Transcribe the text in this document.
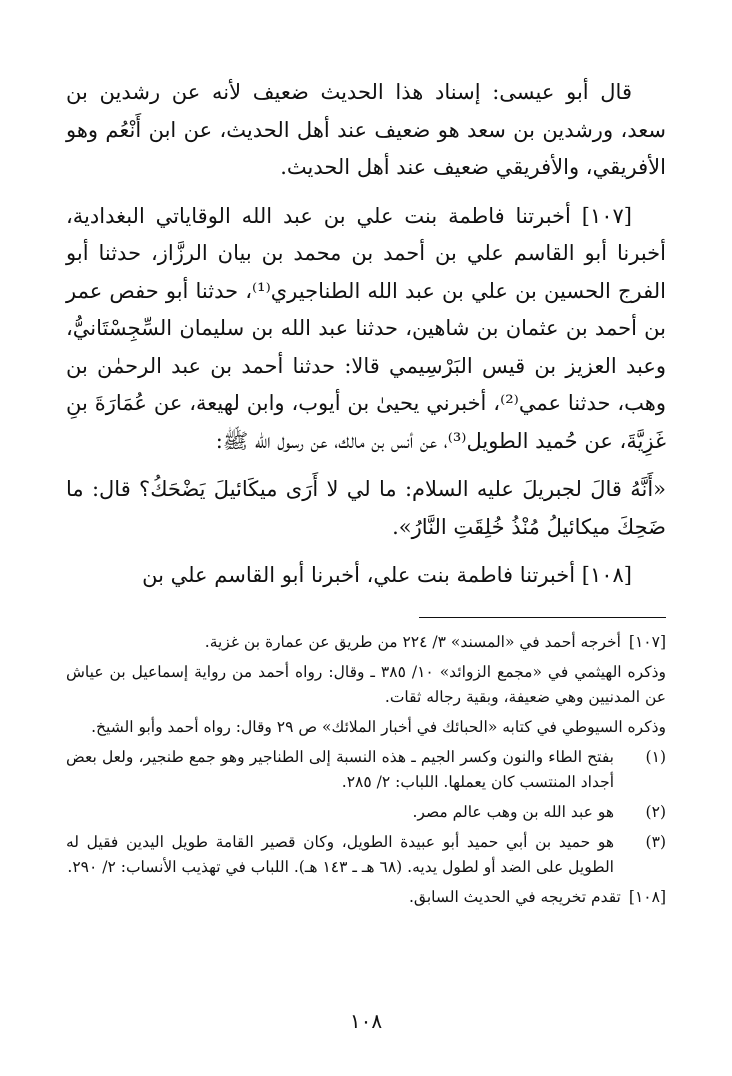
قال أبو عيسى: إسناد هذا الحديث ضعيف لأنه عن رشدين بن سعد، ورشدين بن سعد هو ضعيف عند أهل الحديث، عن ابن أَنْعُم وهو الأفريقي، والأفريقي ضعيف عند أهل الحديث.

[١٠٧] أخبرتنا فاطمة بنت علي بن عبد الله الوقاياتي البغدادية، أخبرنا أبو القاسم علي بن أحمد بن محمد بن بيان الرزَّاز، حدثنا أبو الفرج الحسين بن علي بن عبد الله الطناجيري⁽¹⁾، حدثنا أبو حفص عمر بن أحمد بن عثمان بن شاهين، حدثنا عبد الله بن سليمان السِّجِسْتَانيُّ، وعبد العزيز بن قيس البَرْسِيمي قالا: حدثنا أحمد بن عبد الرحمٰن بن وهب، حدثنا عمي⁽²⁾، أخبرني يحيىٰ بن أيوب، وابن لهيعة، عن عُمَارَةَ بنِ غَزِيَّةَ، عن حُميد الطويل⁽³⁾، عن أنس بن مالك، عن رسول الله ﷺ:

«أَنَّهُ قالَ لجبريلَ عليه السلام: ما لي لا أَرَى ميكَائيلَ يَضْحَكُ؟ قال: ما ضَحِكَ ميكائيلُ مُنْذُ خُلِقَتِ النَّارُ».

[١٠٨] أخبرتنا فاطمة بنت علي، أخبرنا أبو القاسم علي بن

[١٠٧]
أخرجه أحمد في «المسند» ٣/ ٢٢٤ من طريق عن عمارة بن غزية.
وذكره الهيثمي في «مجمع الزوائد» ١٠/ ٣٨٥ ـ وقال: رواه أحمد من رواية إسماعيل بن عياش عن المدنيين وهي ضعيفة، وبقية رجاله ثقات.
وذكره السيوطي في كتابه «الحبائك في أخبار الملائك» ص ٢٩ وقال: رواه أحمد وأبو الشيخ.
(١)
بفتح الطاء والنون وكسر الجيم ـ هذه النسبة إلى الطناجير وهو جمع طنجير، ولعل بعض أجداد المنتسب كان يعملها. اللباب: ٢/ ٢٨٥.
(٢)
هو عبد الله بن وهب عالم مصر.
(٣)
هو حميد بن أبي حميد أبو عبيدة الطويل، وكان قصير القامة طويل اليدين فقيل له الطويل على الضد أو لطول يديه. (٦٨ هـ ـ ١٤٣ هـ). اللباب في تهذيب الأنساب: ٢/ ٢٩٠.
[١٠٨]
تقدم تخريجه في الحديث السابق.
١٠٨
